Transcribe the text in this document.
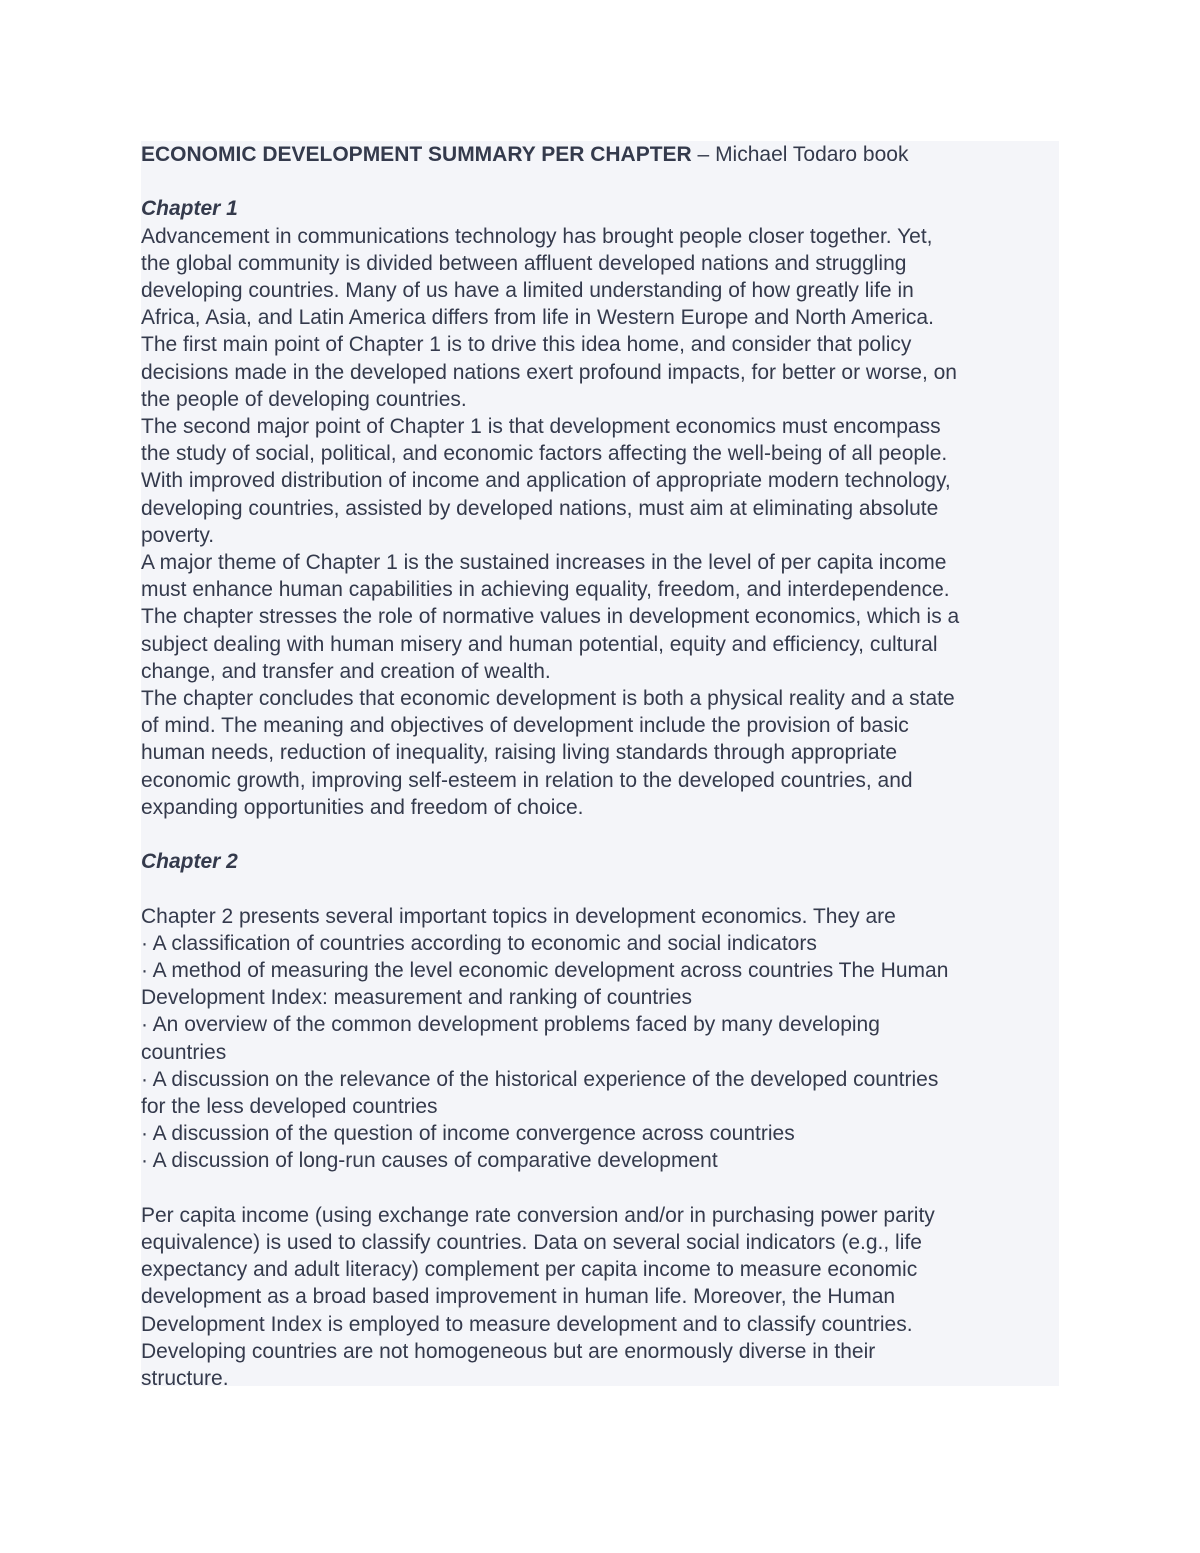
ECONOMIC DEVELOPMENT SUMMARY PER CHAPTER – Michael Todaro book

Chapter 1

Advancement in communications technology has brought people closer together. Yet,

the global community is divided between affluent developed nations and struggling

developing countries. Many of us have a limited understanding of how greatly life in

Africa, Asia, and Latin America differs from life in Western Europe and North America.

The first main point of Chapter 1 is to drive this idea home, and consider that policy

decisions made in the developed nations exert profound impacts, for better or worse, on

the people of developing countries.

The second major point of Chapter 1 is that development economics must encompass

the study of social, political, and economic factors affecting the well-being of all people.

With improved distribution of income and application of appropriate modern technology,

developing countries, assisted by developed nations, must aim at eliminating absolute

poverty.

A major theme of Chapter 1 is the sustained increases in the level of per capita income

must enhance human capabilities in achieving equality, freedom, and interdependence.

The chapter stresses the role of normative values in development economics, which is a

subject dealing with human misery and human potential, equity and efficiency, cultural

change, and transfer and creation of wealth.

The chapter concludes that economic development is both a physical reality and a state

of mind. The meaning and objectives of development include the provision of basic

human needs, reduction of inequality, raising living standards through appropriate

economic growth, improving self-esteem in relation to the developed countries, and

expanding opportunities and freedom of choice.

Chapter 2

Chapter 2 presents several important topics in development economics. They are

· A classification of countries according to economic and social indicators

· A method of measuring the level economic development across countries The Human

Development Index: measurement and ranking of countries

· An overview of the common development problems faced by many developing

countries

· A discussion on the relevance of the historical experience of the developed countries

for the less developed countries

· A discussion of the question of income convergence across countries

· A discussion of long-run causes of comparative development

Per capita income (using exchange rate conversion and/or in purchasing power parity

equivalence) is used to classify countries. Data on several social indicators (e.g., life

expectancy and adult literacy) complement per capita income to measure economic

development as a broad based improvement in human life. Moreover, the Human

Development Index is employed to measure development and to classify countries.

Developing countries are not homogeneous but are enormously diverse in their

structure.
